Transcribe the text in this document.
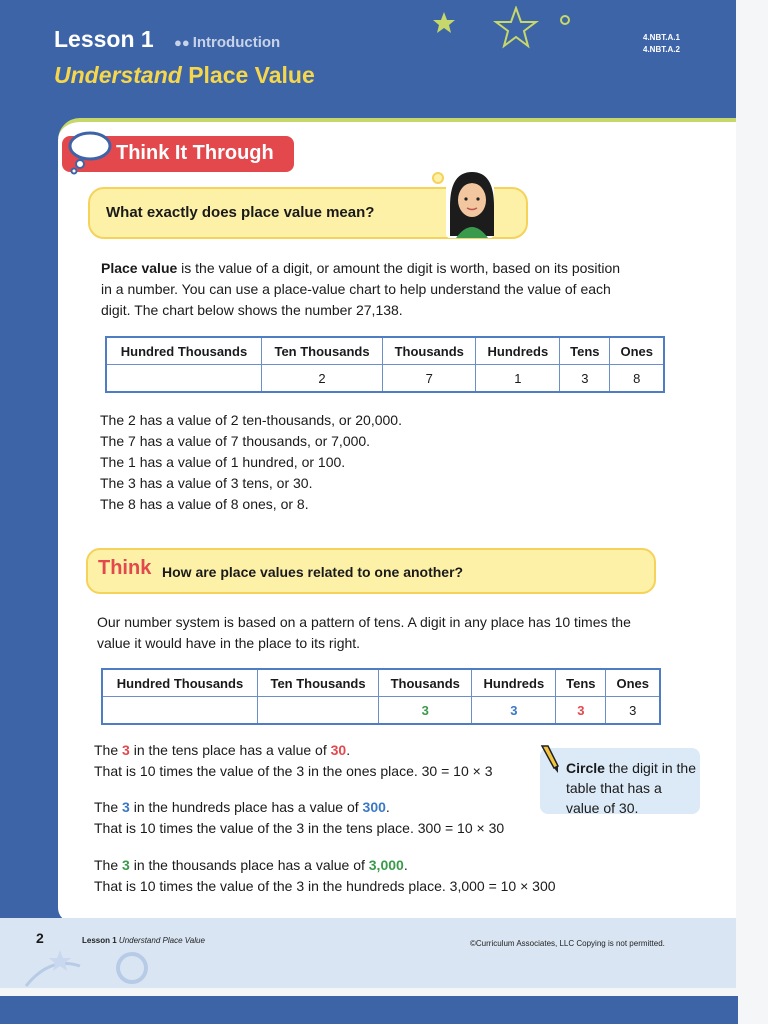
Lesson 1 ●● Introduction
Understand Place Value
4.NBT.A.1
4.NBT.A.2
Think It Through
What exactly does place value mean?
Place value is the value of a digit, or amount the digit is worth, based on its position
in a number. You can use a place-value chart to help understand the value of each
digit. The chart below shows the number 27,138.
Hundred Thousands	Ten Thousands	Thousands	Hundreds	Tens	Ones
	2	7	1	3	8
The 2 has a value of 2 ten-thousands, or 20,000.
The 7 has a value of 7 thousands, or 7,000.
The 1 has a value of 1 hundred, or 100.
The 3 has a value of 3 tens, or 30.
The 8 has a value of 8 ones, or 8.
Think How are place values related to one another?
Our number system is based on a pattern of tens. A digit in any place has 10 times the
value it would have in the place to its right.
Hundred Thousands	Ten Thousands	Thousands	Hundreds	Tens	Ones
		3	3	3	3
The 3 in the tens place has a value of 30.
That is 10 times the value of the 3 in the ones place. 30 = 10 × 3
The 3 in the hundreds place has a value of 300.
That is 10 times the value of the 3 in the tens place. 300 = 10 × 30
The 3 in the thousands place has a value of 3,000.
That is 10 times the value of the 3 in the hundreds place. 3,000 = 10 × 300
Circle the digit in the table that has a value of 30.
2	Lesson 1 Understand Place Value	©Curriculum Associates, LLC Copying is not permitted.
